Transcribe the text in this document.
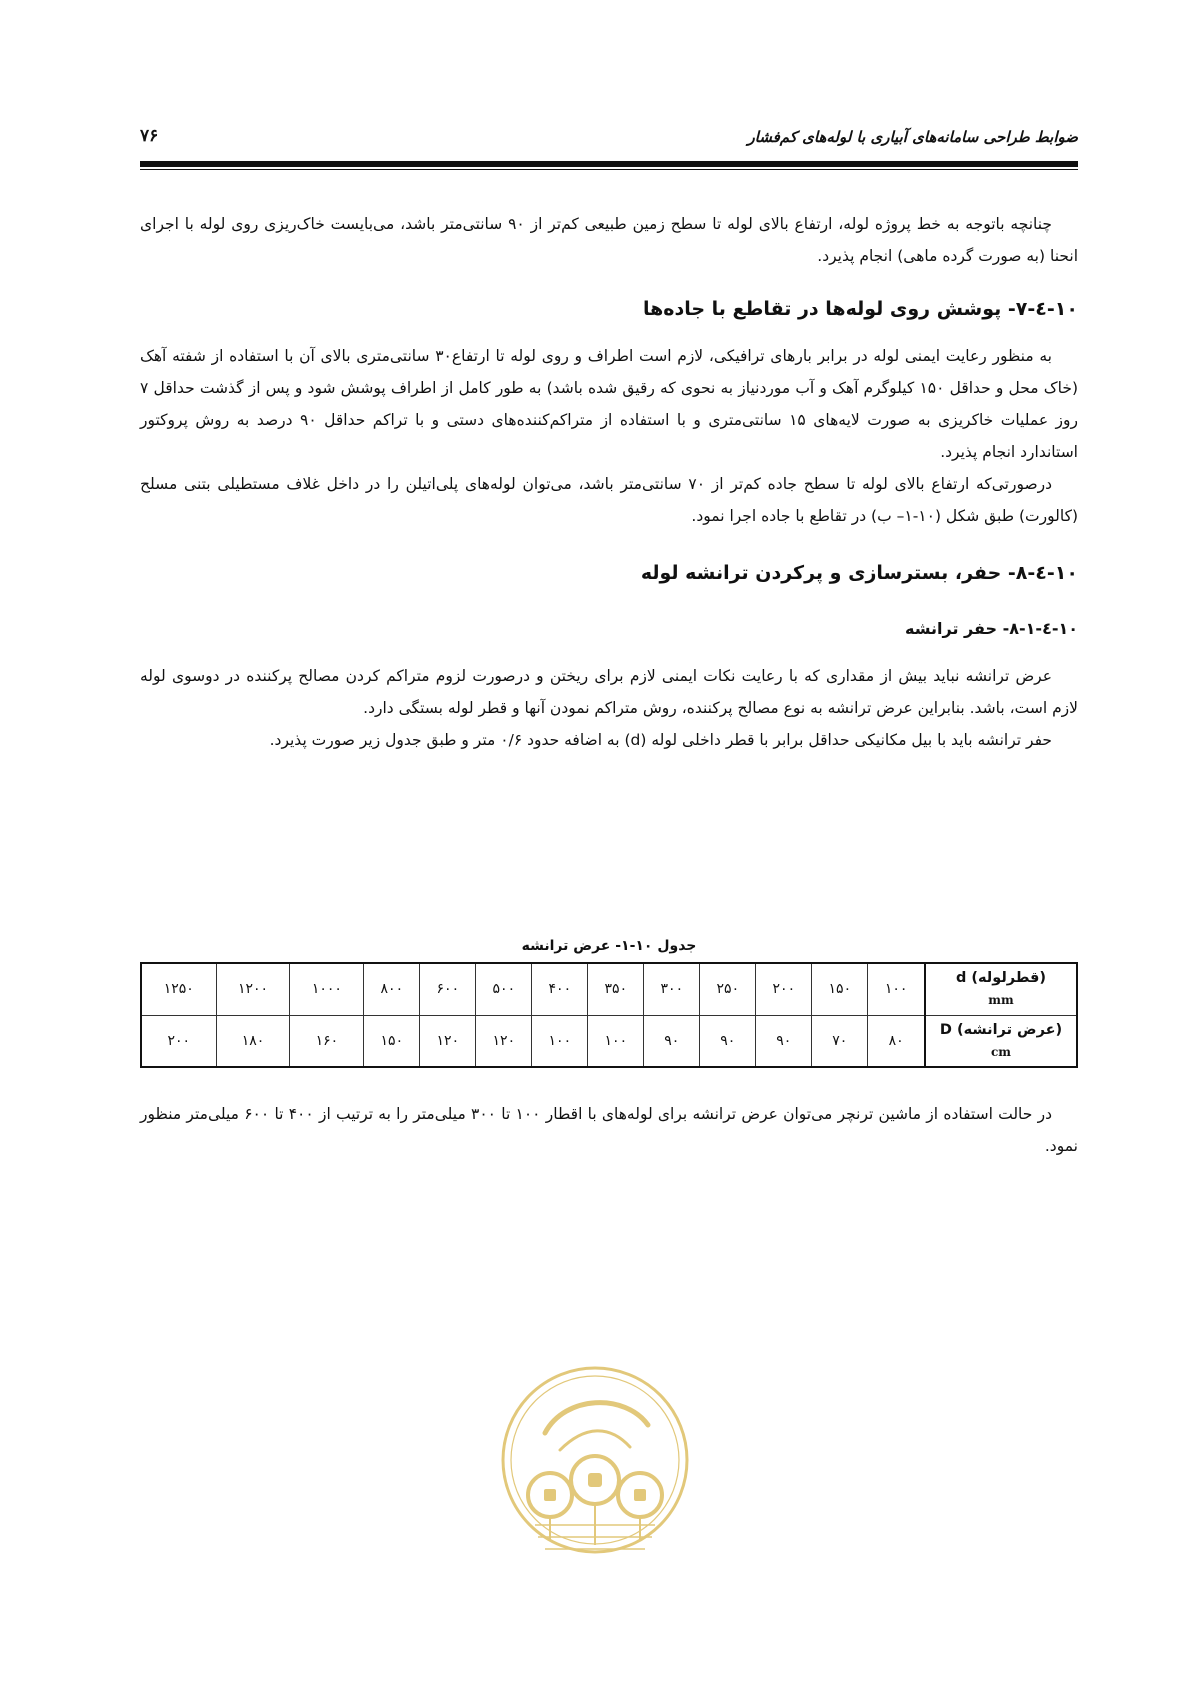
ضوابط طراحی سامانه‌های آبیاری با لوله‌های کم‌فشار
۷۶

چنانچه باتوجه به خط پروژه لوله، ارتفاع بالای لوله تا سطح زمین طبیعی کم‌تر از ۹۰ سانتی‌متر باشد، می‌بایست خاک‌ریزی روی لوله با اجرای انحنا (به صورت گرده ماهی) انجام پذیرد.

۱۰-٤-۷- پوشش روی لوله‌ها در تقاطع با جاده‌ها

به منظور رعایت ایمنی لوله در برابر بارهای ترافیکی، لازم است اطراف و روی لوله تا ارتفاع۳۰ سانتی‌متری بالای آن با استفاده از شفته آهک (خاک محل و حداقل ۱۵۰ کیلوگرم آهک و آب موردنیاز به نحوی که رقیق شده باشد) به طور کامل از اطراف پوشش شود و پس از گذشت حداقل ۷ روز عملیات خاکریزی به صورت لایه‌های ۱۵ سانتی‌متری و با استفاده از متراکم‌کننده‌های دستی و با تراکم حداقل ۹۰ درصد به روش پروکتور استاندارد انجام پذیرد.

درصورتی‌که ارتفاع بالای لوله تا سطح جاده کم‌تر از ۷۰ سانتی‌متر باشد، می‌توان لوله‌های پلی‌اتیلن را در داخل غلاف مستطیلی بتنی مسلح (کالورت) طبق شکل (۱۰-۱– ب) در تقاطع با جاده اجرا نمود.

۱۰-٤-۸- حفر، بسترسازی و پرکردن ترانشه لوله
۱۰-٤-۸-۱- حفر ترانشه

عرض ترانشه نباید بیش از مقداری که با رعایت نکات ایمنی لازم برای ریختن و درصورت لزوم متراکم کردن مصالح پرکننده در دوسوی لوله لازم است، باشد. بنابراین عرض ترانشه به نوع مصالح پرکننده، روش متراکم نمودن آنها و قطر لوله بستگی دارد.

حفر ترانشه باید با بیل مکانیکی حداقل برابر با قطر داخلی لوله (d) به اضافه حدود ۰/۶ متر و طبق جدول زیر صورت پذیرد.

جدول ۱۰-۱- عرض ترانشه
(قطرلوله) d
mm	۱۰۰	۱۵۰	۲۰۰	۲۵۰	۳۰۰	۳۵۰	۴۰۰	۵۰۰	۶۰۰	۸۰۰	۱۰۰۰	۱۲۰۰	۱۲۵۰
(عرض ترانشه) D
cm	۸۰	۷۰	۹۰	۹۰	۹۰	۱۰۰	۱۰۰	۱۲۰	۱۲۰	۱۵۰	۱۶۰	۱۸۰	۲۰۰

در حالت استفاده از ماشین ترنچر می‌توان عرض ترانشه برای لوله‌های با اقطار ۱۰۰ تا ۳۰۰ میلی‌متر را به ترتیب از ۴۰۰ تا ۶۰۰ میلی‌متر منظور نمود.
